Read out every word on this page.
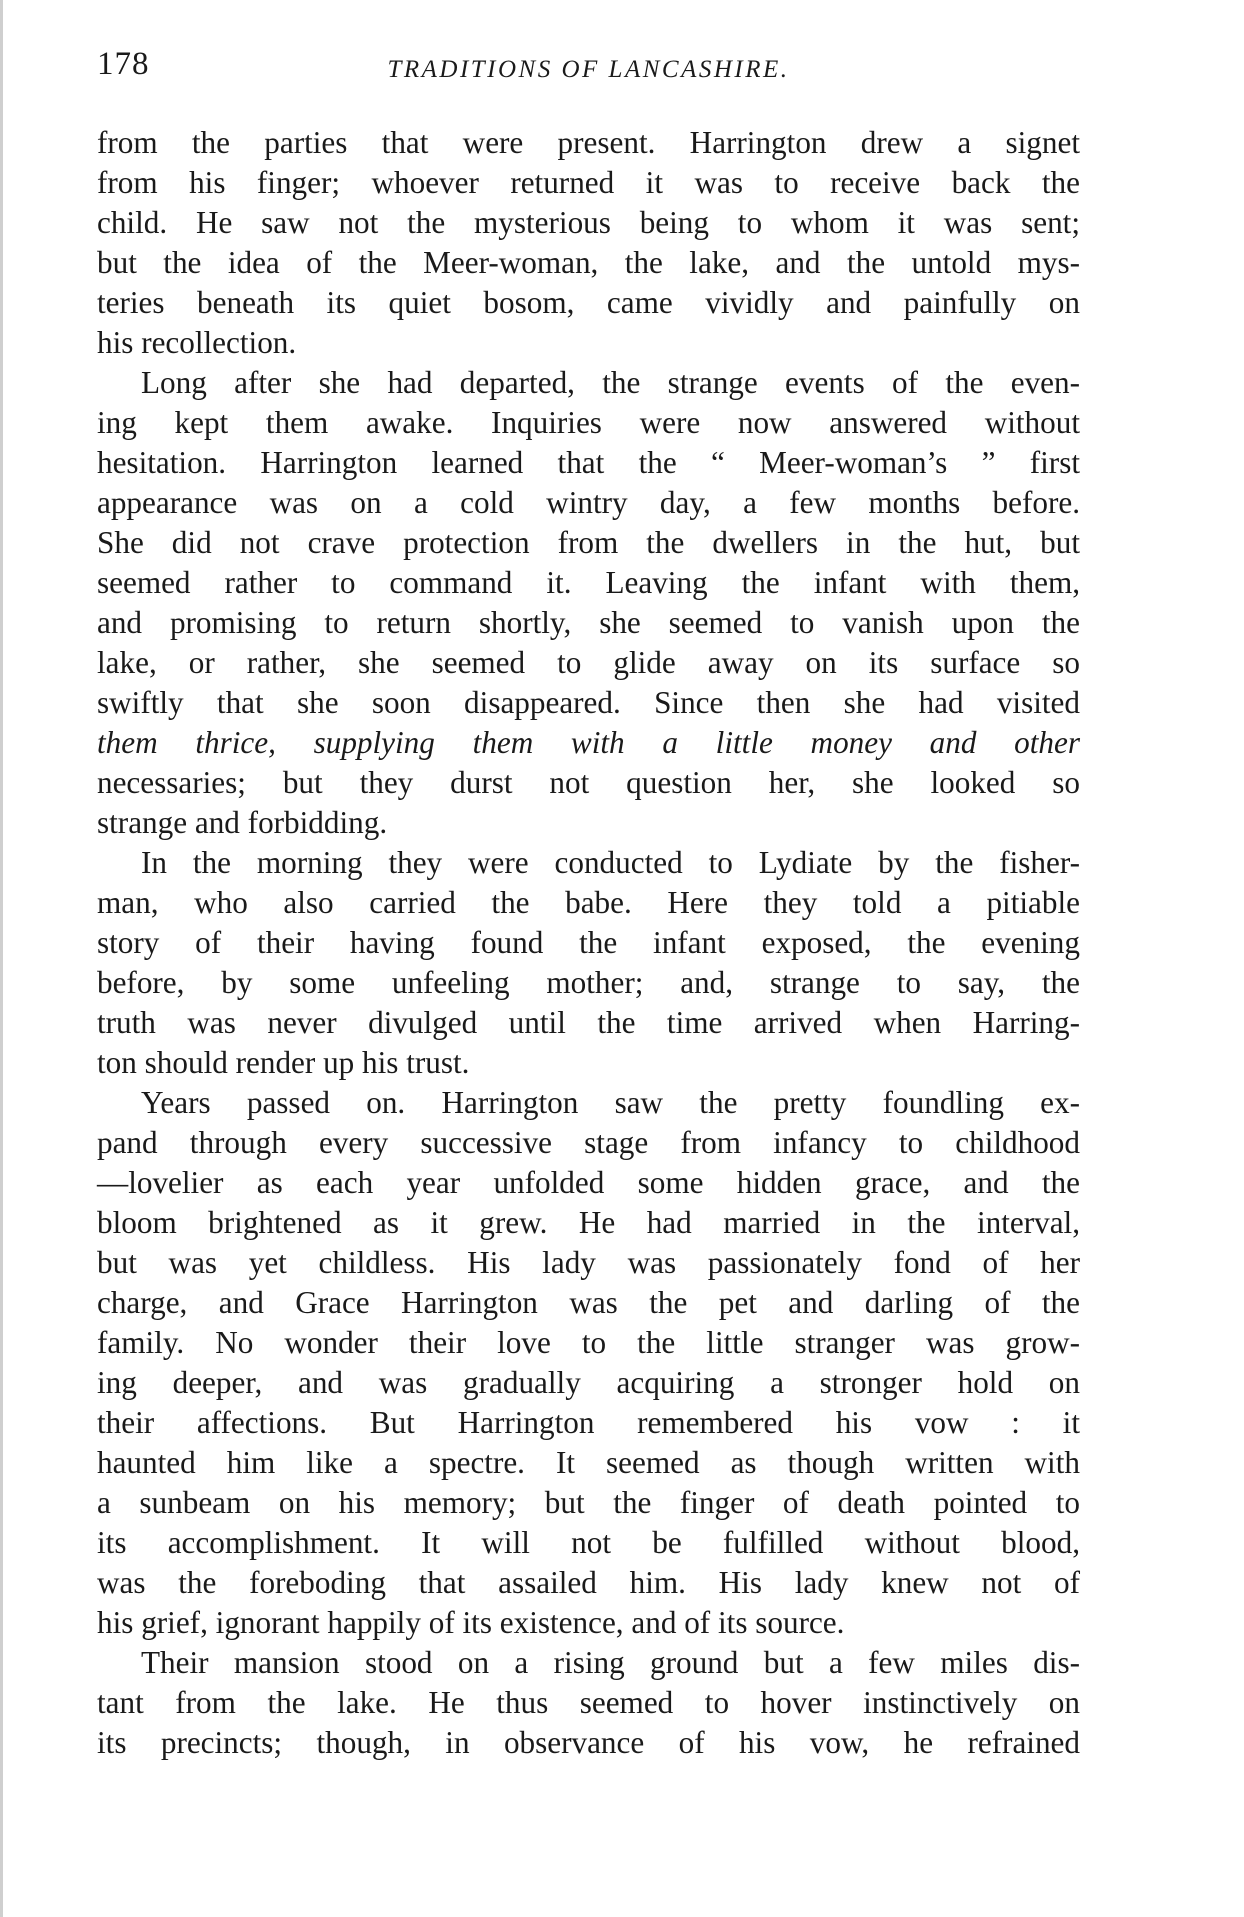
178	TRADITIONS OF LANCASHIRE.
from the parties that were present. Harrington drew a signet
from his finger; whoever returned it was to receive back the
child. He saw not the mysterious being to whom it was sent;
but the idea of the Meer-woman, the lake, and the untold mys-
teries beneath its quiet bosom, came vividly and painfully on
his recollection.
Long after she had departed, the strange events of the even-
ing kept them awake. Inquiries were now answered without
hesitation. Harrington learned that the “ Meer-woman’s ” first
appearance was on a cold wintry day, a few months before.
She did not crave protection from the dwellers in the hut, but
seemed rather to command it. Leaving the infant with them,
and promising to return shortly, she seemed to vanish upon the
lake, or rather, she seemed to glide away on its surface so
swiftly that she soon disappeared. Since then she had visited
them thrice, supplying them with a little money and other
necessaries; but they durst not question her, she looked so
strange and forbidding.
In the morning they were conducted to Lydiate by the fisher-
man, who also carried the babe. Here they told a pitiable
story of their having found the infant exposed, the evening
before, by some unfeeling mother; and, strange to say, the
truth was never divulged until the time arrived when Harring-
ton should render up his trust.
Years passed on. Harrington saw the pretty foundling ex-
pand through every successive stage from infancy to childhood
—lovelier as each year unfolded some hidden grace, and the
bloom brightened as it grew. He had married in the interval,
but was yet childless. His lady was passionately fond of her
charge, and Grace Harrington was the pet and darling of the
family. No wonder their love to the little stranger was grow-
ing deeper, and was gradually acquiring a stronger hold on
their affections. But Harrington remembered his vow : it
haunted him like a spectre. It seemed as though written with
a sunbeam on his memory; but the finger of death pointed to
its accomplishment. It will not be fulfilled without blood,
was the foreboding that assailed him. His lady knew not of
his grief, ignorant happily of its existence, and of its source.
Their mansion stood on a rising ground but a few miles dis-
tant from the lake. He thus seemed to hover instinctively on
its precincts; though, in observance of his vow, he refrained
